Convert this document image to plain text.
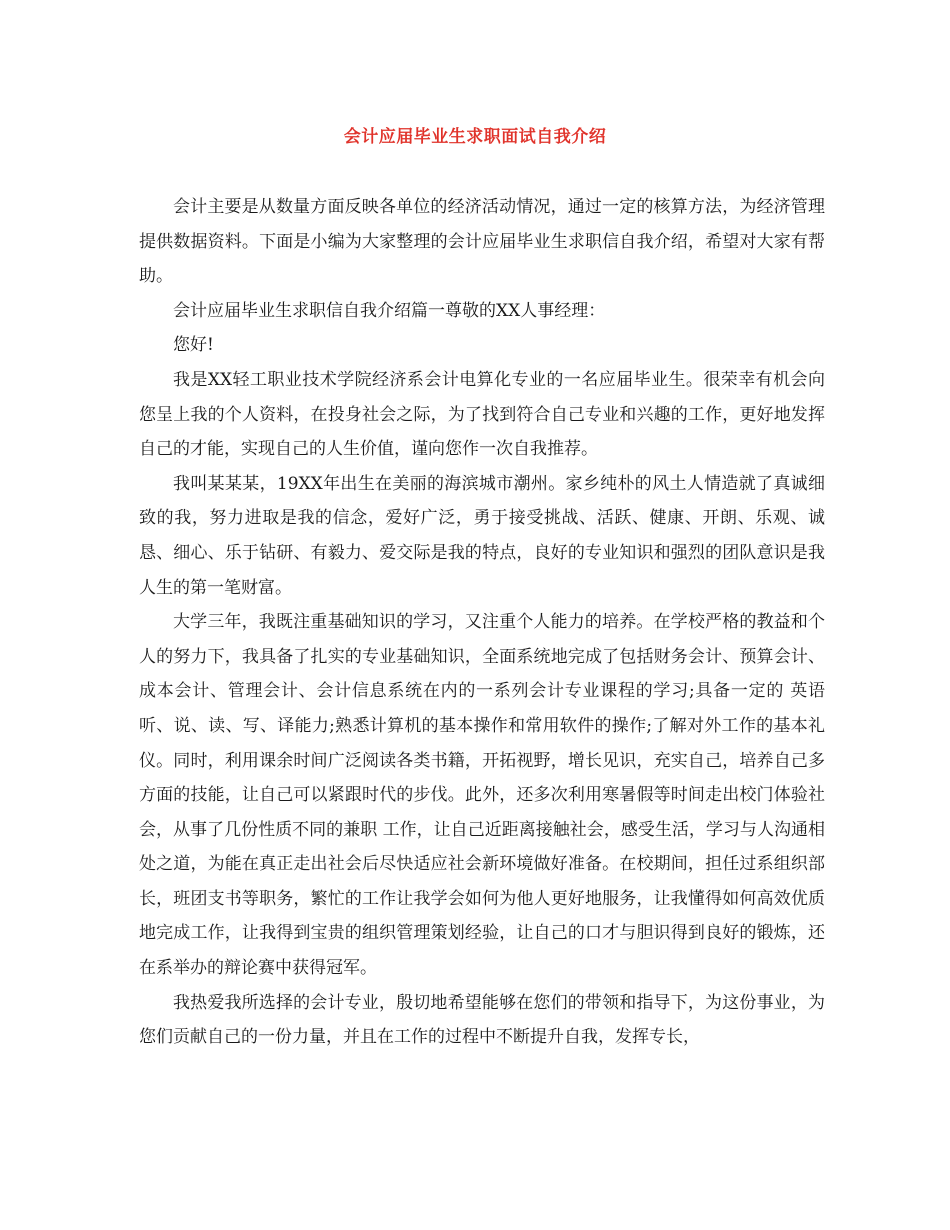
会计应届毕业生求职面试自我介绍

会计主要是从数量方面反映各单位的经济活动情况，通过一定的核算方法，为经济管理提供数据资料。下面是小编为大家整理的会计应届毕业生求职信自我介绍，希望对大家有帮助。

会计应届毕业生求职信自我介绍篇一尊敬的XX人事经理：

您好!

我是XX轻工职业技术学院经济系会计电算化专业的一名应届毕业生。很荣幸有机会向您呈上我的个人资料，在投身社会之际，为了找到符合自己专业和兴趣的工作，更好地发挥自己的才能，实现自己的人生价值，谨向您作一次自我推荐。

我叫某某某，19XX年出生在美丽的海滨城市潮州。家乡纯朴的风土人情造就了真诚细致的我，努力进取是我的信念，爱好广泛，勇于接受挑战、活跃、健康、开朗、乐观、诚恳、细心、乐于钻研、有毅力、爱交际是我的特点，良好的专业知识和强烈的团队意识是我人生的第一笔财富。

大学三年，我既注重基础知识的学习，又注重个人能力的培养。在学校严格的教益和个人的努力下，我具备了扎实的专业基础知识，全面系统地完成了包括财务会计、预算会计、成本会计、管理会计、会计信息系统在内的一系列会计专业课程的学习;具备一定的 英语 听、说、读、写、译能力;熟悉计算机的基本操作和常用软件的操作;了解对外工作的基本礼仪。同时，利用课余时间广泛阅读各类书籍，开拓视野，增长见识，充实自己，培养自己多方面的技能，让自己可以紧跟时代的步伐。此外，还多次利用寒暑假等时间走出校门体验社会，从事了几份性质不同的兼职 工作，让自己近距离接触社会，感受生活，学习与人沟通相处之道，为能在真正走出社会后尽快适应社会新环境做好准备。在校期间，担任过系组织部长，班团支书等职务，繁忙的工作让我学会如何为他人更好地服务，让我懂得如何高效优质地完成工作，让我得到宝贵的组织管理策划经验，让自己的口才与胆识得到良好的锻炼，还在系举办的辩论赛中获得冠军。

我热爱我所选择的会计专业，殷切地希望能够在您们的带领和指导下，为这份事业，为您们贡献自己的一份力量，并且在工作的过程中不断提升自我，发挥专长，
